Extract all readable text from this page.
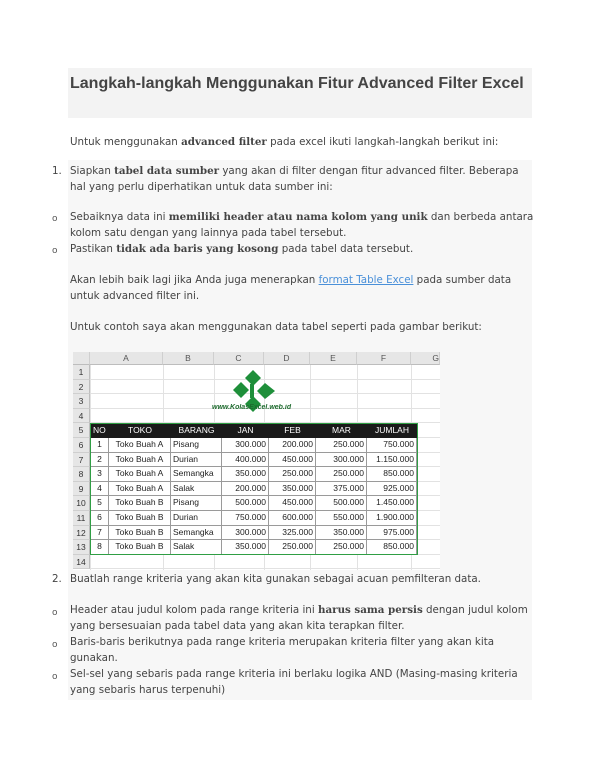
Langkah-langkah Menggunakan Fitur Advanced Filter Excel
Untuk menggunakan advanced filter pada excel ikuti langkah-langkah berikut ini:
1. Siapkan tabel data sumber yang akan di filter dengan fitur advanced filter. Beberapa hal yang perlu diperhatikan untuk data sumber ini:
o Sebaiknya data ini memiliki header atau nama kolom yang unik dan berbeda antara kolom satu dengan yang lainnya pada tabel tersebut.
o Pastikan tidak ada baris yang kosong pada tabel data tersebut.
Akan lebih baik lagi jika Anda juga menerapkan format Table Excel pada sumber data untuk advanced filter ini.
Untuk contoh saya akan menggunakan data tabel seperti pada gambar berikut:
A	B	C	D	E	F	G
1
2
3
4
5
6
7
8
9
10
11
12
13
14
www.KolasExcel.web.id
NO	TOKO	BARANG	JAN	FEB	MAR	JUMLAH
1	Toko Buah A	Pisang	300.000	200.000	250.000	750.000
2	Toko Buah A	Durian	400.000	450.000	300.000	1.150.000
3	Toko Buah A	Semangka	350.000	250.000	250.000	850.000
4	Toko Buah A	Salak	200.000	350.000	375.000	925.000
5	Toko Buah B	Pisang	500.000	450.000	500.000	1.450.000
6	Toko Buah B	Durian	750.000	600.000	550.000	1.900.000
7	Toko Buah B	Semangka	300.000	325.000	350.000	975.000
8	Toko Buah B	Salak	350.000	250.000	250.000	850.000
2. Buatlah range kriteria yang akan kita gunakan sebagai acuan pemfilteran data.
o Header atau judul kolom pada range kriteria ini harus sama persis dengan judul kolom yang bersesuaian pada tabel data yang akan kita terapkan filter.
o Baris-baris berikutnya pada range kriteria merupakan kriteria filter yang akan kita gunakan.
o Sel-sel yang sebaris pada range kriteria ini berlaku logika AND (Masing-masing kriteria yang sebaris harus terpenuhi)
